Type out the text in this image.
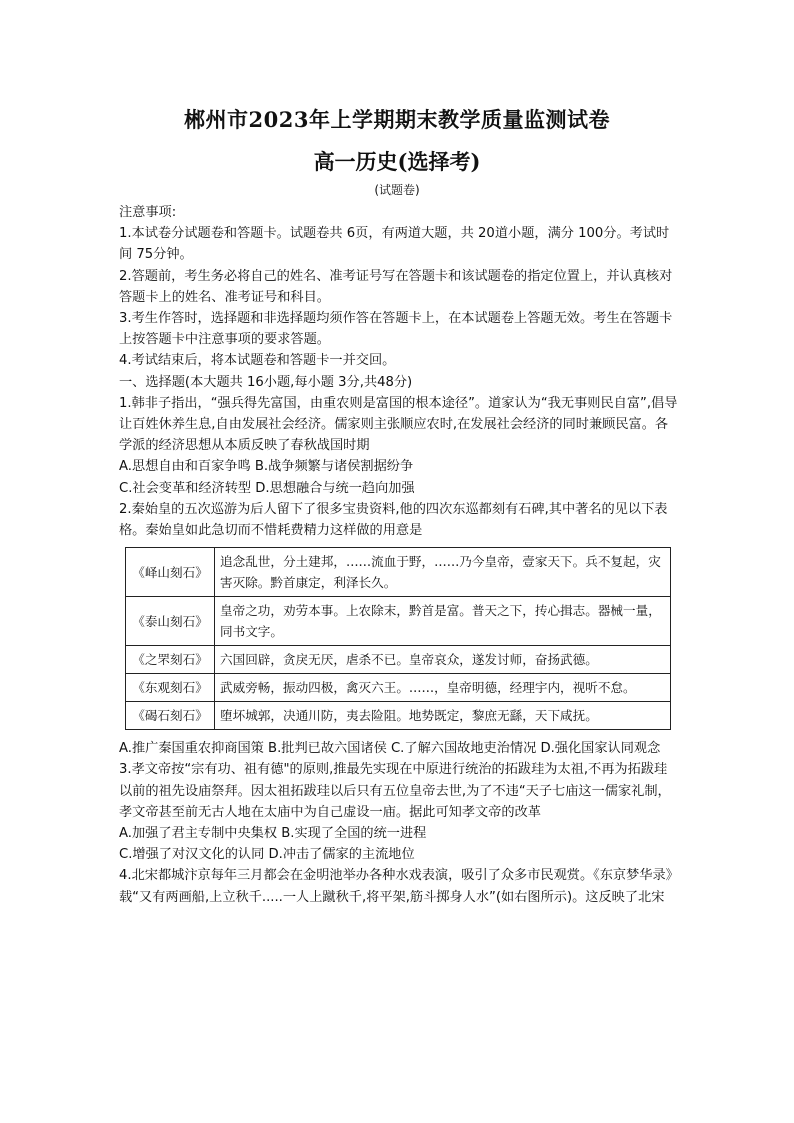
郴州市2023年上学期期末教学质量监测试卷
高一历史(选择考)
(试题卷)

注意事项:

1.本试卷分试题卷和答题卡。试题卷共 6页，有两道大题，共 20道小题，满分 100分。考试时间 75分钟。

2.答题前，考生务必将自己的姓名、准考证号写在答题卡和该试题卷的指定位置上，并认真核对答题卡上的姓名、准考证号和科目。

3.考生作答时，选择题和非选择题均须作答在答题卡上，在本试题卷上答题无效。考生在答题卡上按答题卡中注意事项的要求答题。

4.考试结束后，将本试题卷和答题卡一并交回。

一、选择题(本大题共 16小题,每小题 3分,共48分)

1.韩非子指出，“强兵得先富国，由重农则是富国的根本途径”。道家认为“我无事则民自富”,倡导让百姓休养生息,自由发展社会经济。儒家则主张顺应农时,在发展社会经济的同时兼顾民富。各学派的经济思想从本质反映了春秋战国时期

A.思想自由和百家争鸣 B.战争频繁与诸侯割据纷争

C.社会变革和经济转型 D.思想融合与统一趋向加强

2.秦始皇的五次巡游为后人留下了很多宝贵资料,他的四次东巡都刻有石碑,其中著名的见以下表格。秦始皇如此急切而不惜耗费精力这样做的用意是

《峄山刻石》	追念乱世，分土建邦，……流血于野，……乃今皇帝，壹家天下。兵不复起，灾害灭除。黔首康定，利泽长久。
《泰山刻石》	皇帝之功，劝劳本事。上农除末，黔首是富。普天之下，抟心揖志。器械一量，同书文字。
《之罘刻石》	六国回辟，贪戾无厌，虐杀不已。皇帝哀众，遂发讨师，奋扬武德。
《东观刻石》	武威旁畅，振动四极，禽灭六王。……，皇帝明德，经理宇内，视听不怠。
《碣石刻石》	堕坏城郭，决通川防，夷去险阻。地势既定，黎庶无繇，天下咸抚。

A.推广秦国重农抑商国策 B.批判已故六国诸侯 C.了解六国故地吏治情况 D.强化国家认同观念

3.孝文帝按“宗有功、祖有德"的原则,推最先实现在中原进行统治的拓跋珪为太祖,不再为拓跋珪以前的祖先设庙祭拜。因太祖拓跋珪以后只有五位皇帝去世,为了不违“天子七庙这一儒家礼制，孝文帝甚至前无古人地在太庙中为自己虚设一庙。据此可知孝文帝的改革

A.加强了君主专制中央集权 B.实现了全国的统一进程

C.增强了对汉文化的认同 D.冲击了儒家的主流地位

4.北宋都城汴京每年三月都会在金明池举办各种水戏表演，吸引了众多市民观赏。《东京梦华录》载“又有两画船,上立秋千.....一人上蹴秋千,将平架,筋斗掷身人水”(如右图所示)。这反映了北宋
